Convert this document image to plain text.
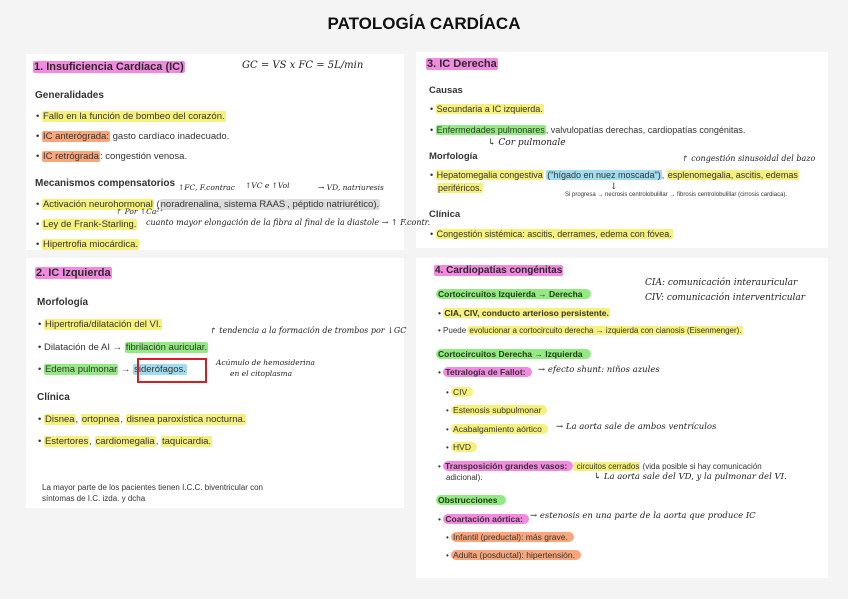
PATOLOGÍA CARDÍACA
1. Insuficiencia Cardíaca (IC)	GC = VS x FC = 5L/min
Generalidades
• Fallo en la función de bombeo del corazón.
• IC anterógrada: gasto cardíaco inadecuado.
• IC retrógrada: congestión venosa.
Mecanismos compensatorios ↑FC, F.contrac ↑VC e ↑Vol	→ VD, natriuresis
• Activación neurohormonal (noradrenalina, sistema RAAS , péptido natriurético).
↱ Por ↑Ca²⁺
• Ley de Frank-Starling. cuanto mayor elongación de la fibra al final de la diastole → ↑ F.contr.
• Hipertrofia miocárdica.
2. IC Izquierda
Morfología
• Hipertrofia/dilatación del VI.
↱ tendencia a la formación de trombos por ↓GC
• Dilatación de AI → fibrilación auricular.
• Edema pulmonar → siderófagos.
Acúmulo de hemosiderina
en el citoplasma
Clínica
• Disnea, ortopnea, disnea paroxística nocturna.
• Estertores, cardiomegalia, taquicardia.
La mayor parte de los pacientes tienen I.C.C. biventricular con
síntomas de I.C. izda. y dcha
3. IC Derecha
Causas
• Secundaria a IC izquierda.
• Enfermedades pulmonares, valvulopatías derechas, cardiopatías congénitas.
↳ Cor pulmonale
Morfología	↱ congestión sinusoidal del bazo
• Hepatomegalia congestiva ("hígado en nuez moscada"), esplenomegalia, ascitis, edemas
periféricos.	↓
Si progresa → necrosis centrolobulillar → fibrosis centrolobulillar (cirrosis cardiaca).
Clínica
• Congestión sistémica: ascitis, derrames, edema con fóvea.
4. Cardiopatías congénitas
CIA: comunicación interauricular
CIV: comunicación interventricular
Cortocircuitos Izquierda → Derecha
• CIA, CIV, conducto arterioso persistente.
• Puede evolucionar a cortocircuito derecha → izquierda con cianosis (Eisenmenger).
Cortocircuitos Derecha → Izquierda
• Tetralogía de Fallot:	→ efecto shunt: niños azules
• CIV
• Estenosis subpulmonar
• Acabalgamiento aórtico	→ La aorta sale de ambos ventrículos
• HVD
• Transposición grandes vasos: circuitos cerrados (vida posible si hay comunicación
adicional).	↳ La aorta sale del VD, y la pulmonar del VI.
Obstrucciones
• Coartación aórtica: → estenosis en una parte de la aorta que produce IC
• Infantil (preductal): más grave.
• Adulta (posductal): hipertensión.
